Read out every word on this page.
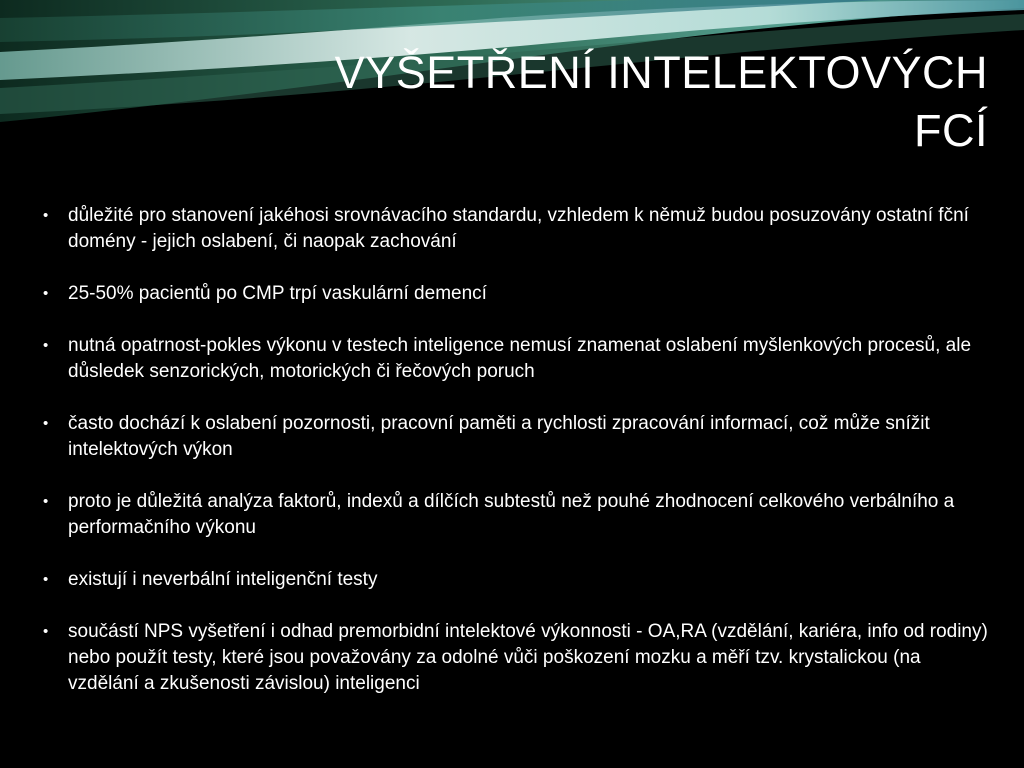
VYŠETŘENÍ INTELEKTOVÝCH
FCÍ
• důležité pro stanovení jakéhosi srovnávacího standardu, vzhledem k němuž budou posuzovány ostatní fční domény - jejich oslabení, či naopak zachování
• 25-50% pacientů po CMP trpí vaskulární demencí
• nutná opatrnost-pokles výkonu v testech inteligence nemusí znamenat oslabení myšlenkových procesů, ale důsledek senzorických, motorických či řečových poruch
• často dochází k oslabení pozornosti, pracovní paměti a rychlosti zpracování informací, což může snížit intelektových výkon
• proto je důležitá analýza faktorů, indexů a dílčích subtestů než pouhé zhodnocení celkového verbálního a performačního výkonu
• existují i neverbální inteligenční testy
• součástí NPS vyšetření i odhad premorbidní intelektové výkonnosti - OA,RA (vzdělání, kariéra, info od rodiny) nebo použít testy, které jsou považovány za odolné vůči poškození mozku a měří tzv. krystalickou (na vzdělání a zkušenosti závislou) inteligenci
